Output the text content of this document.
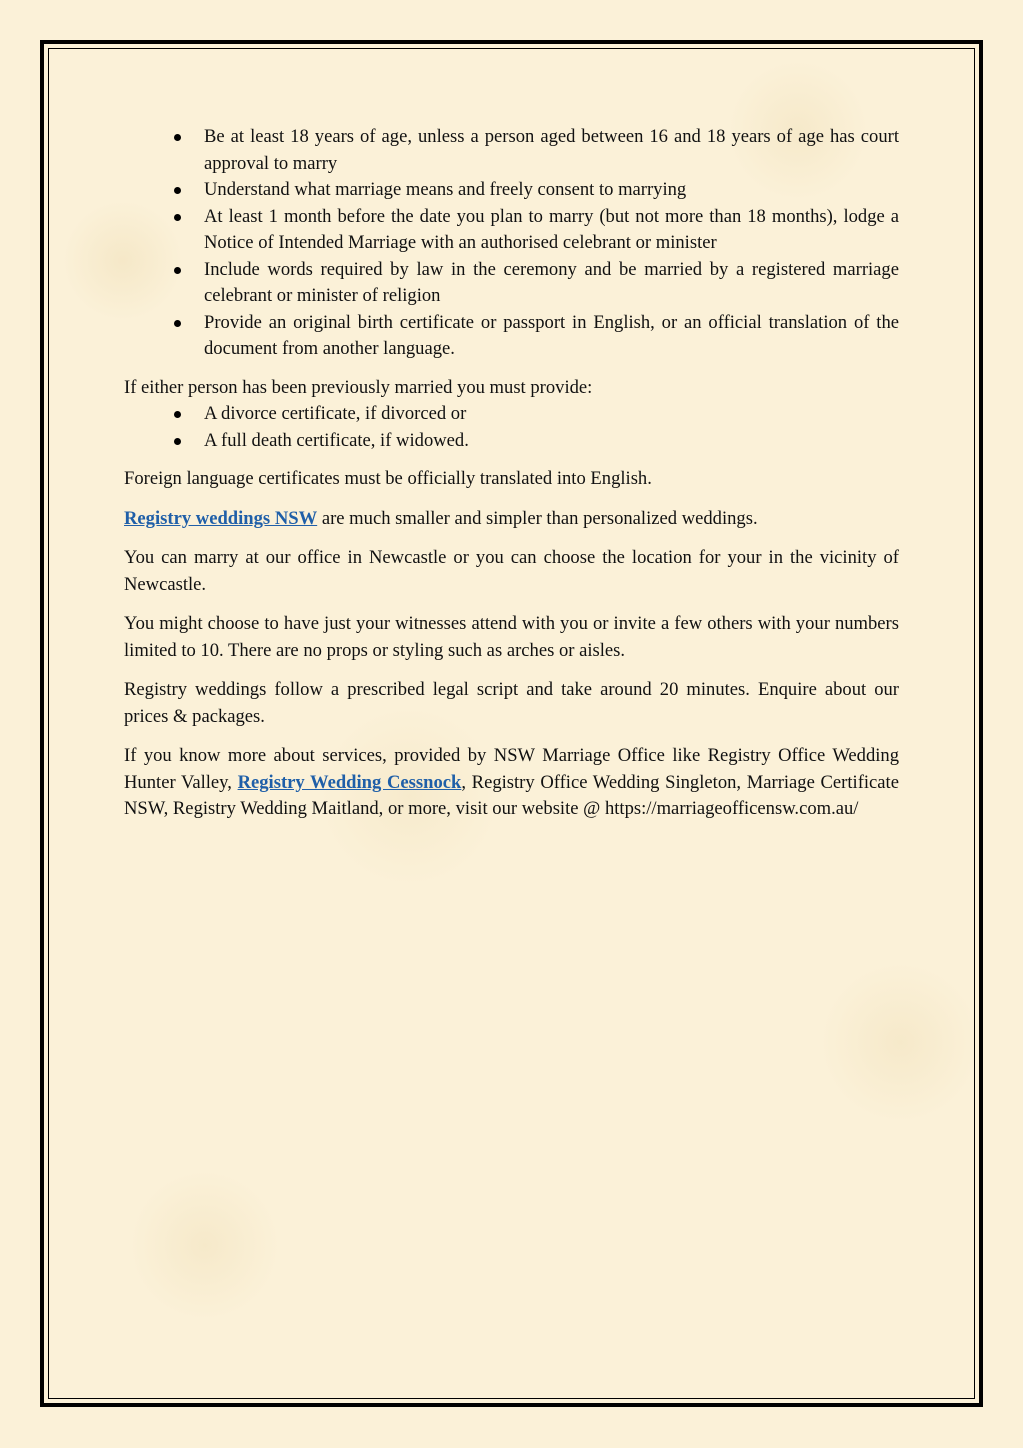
Be at least 18 years of age, unless a person aged between 16 and 18 years of age has court approval to marry
Understand what marriage means and freely consent to marrying
At least 1 month before the date you plan to marry (but not more than 18 months), lodge a Notice of Intended Marriage with an authorised celebrant or minister
Include words required by law in the ceremony and be married by a registered marriage celebrant or minister of religion
Provide an original birth certificate or passport in English, or an official translation of the document from another language.

If either person has been previously married you must provide:

A divorce certificate, if divorced or
A full death certificate, if widowed.

Foreign language certificates must be officially translated into English.

Registry weddings NSW are much smaller and simpler than personalized weddings.

You can marry at our office in Newcastle or you can choose the location for your in the vicinity of Newcastle.

You might choose to have just your witnesses attend with you or invite a few others with your numbers limited to 10. There are no props or styling such as arches or aisles.

Registry weddings follow a prescribed legal script and take around 20 minutes. Enquire about our prices & packages.

If you know more about services, provided by NSW Marriage Office like Registry Office Wedding Hunter Valley, Registry Wedding Cessnock, Registry Office Wedding Singleton, Marriage Certificate NSW, Registry Wedding Maitland, or more, visit our website @ https://marriageofficensw.com.au/
